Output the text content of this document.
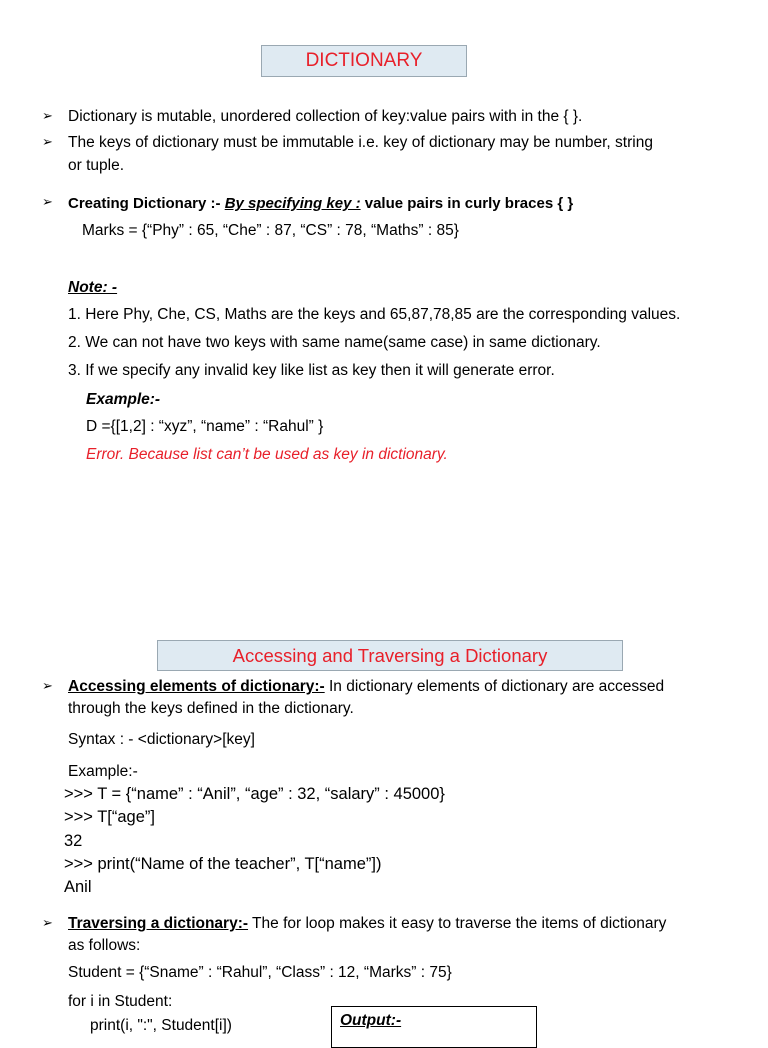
DICTIONARY
➢ Dictionary is mutable, unordered collection of key:value pairs with in the { }.
➢ The keys of dictionary must be immutable i.e. key of dictionary may be number, string
or tuple.
➢ Creating Dictionary :- By specifying key : value pairs in curly braces { }
Marks = {“Phy” : 65, “Che” : 87, “CS” : 78, “Maths” : 85}
Note: -
1. Here Phy, Che, CS, Maths are the keys and 65,87,78,85 are the corresponding values.
2. We can not have two keys with same name(same case) in same dictionary.
3. If we specify any invalid key like list as key then it will generate error.
Example:-
D ={[1,2] : “xyz”, “name” : “Rahul” }
Error. Because list can’t be used as key in dictionary.
Accessing and Traversing a Dictionary
➢ Accessing elements of dictionary:- In dictionary elements of dictionary are accessed
through the keys defined in the dictionary.
Syntax : - <dictionary>[key]
Example:-
>>> T = {“name” : “Anil”, “age” : 32, “salary” : 45000}
>>> T[“age”]
32
>>> print(“Name of the teacher”, T[“name”])
Anil
➢ Traversing a dictionary:- The for loop makes it easy to traverse the items of dictionary
as follows:
Student = {“Sname” : “Rahul”, “Class” : 12, “Marks” : 75}
for i in Student:
print(i, ":", Student[i])	Output:-
